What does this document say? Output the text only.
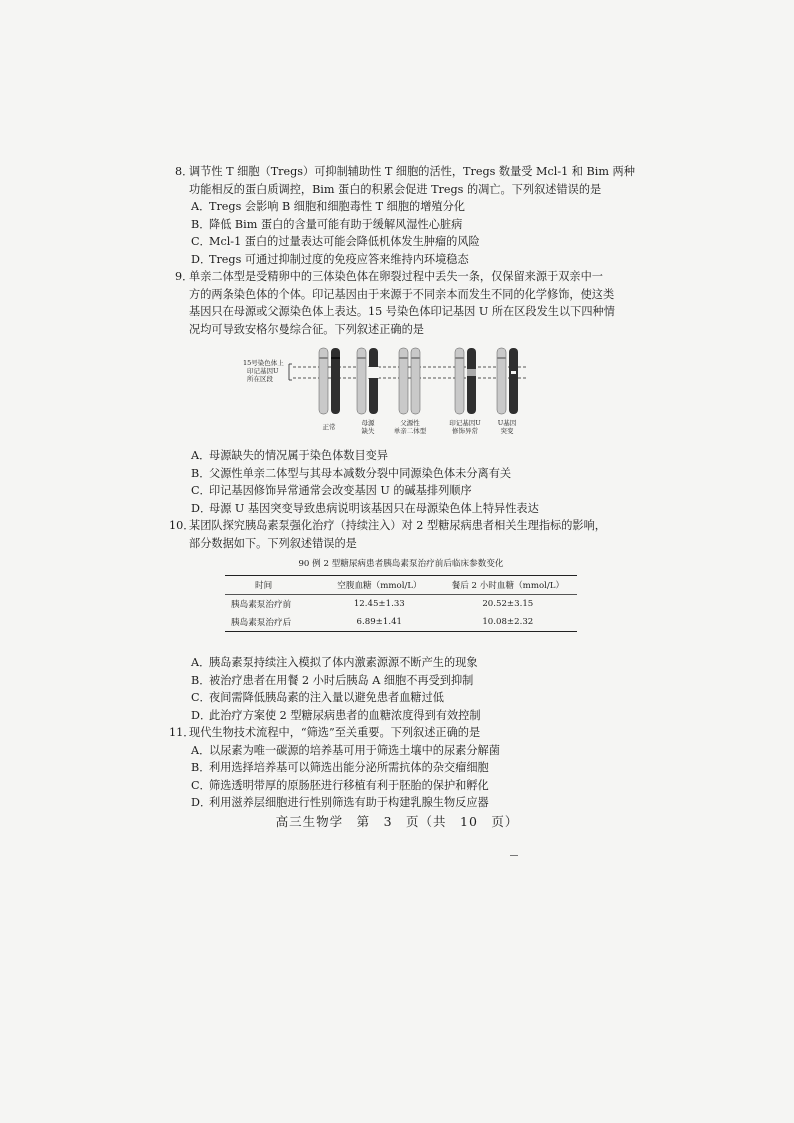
8．调节性 T 细胞（Tregs）可抑制辅助性 T 细胞的活性，Tregs 数量受 Mcl-1 和 Bim 两种

功能相反的蛋白质调控，Bim 蛋白的积累会促进 Tregs 的凋亡。下列叙述错误的是

A．Tregs 会影响 B 细胞和细胞毒性 T 细胞的增殖分化

B．降低 Bim 蛋白的含量可能有助于缓解风湿性心脏病

C．Mcl-1 蛋白的过量表达可能会降低机体发生肿瘤的风险

D．Tregs 可通过抑制过度的免疫应答来维持内环境稳态

9．单亲二体型是受精卵中的三体染色体在卵裂过程中丢失一条，仅保留来源于双亲中一

方的两条染色体的个体。印记基因由于来源于不同亲本而发生不同的化学修饰，使这类

基因只在母源或父源染色体上表达。15 号染色体印记基因 U 所在区段发生以下四种情

况均可导致安格尔曼综合征。下列叙述正确的是

15号染色体上
印记基因U
所在区段
正常	母源
缺失
父源性
单亲二体型
印记基因U
修饰异常
U基因
突变

A．母源缺失的情况属于染色体数目变异

B．父源性单亲二体型与其母本减数分裂中同源染色体未分离有关

C．印记基因修饰异常通常会改变基因 U 的碱基排列顺序

D．母源 U 基因突变导致患病说明该基因只在母源染色体上特异性表达

10．某团队探究胰岛素泵强化治疗（持续注入）对 2 型糖尿病患者相关生理指标的影响，

部分数据如下。下列叙述错误的是

90 例 2 型糖尿病患者胰岛素泵治疗前后临床参数变化
时间	空腹血糖（mmol/L）	餐后 2 小时血糖（mmol/L）
胰岛素泵治疗前	12.45±1.33	20.52±3.15
胰岛素泵治疗后	6.89±1.41	10.08±2.32

A．胰岛素泵持续注入模拟了体内激素源源不断产生的现象

B．被治疗患者在用餐 2 小时后胰岛 A 细胞不再受到抑制

C．夜间需降低胰岛素的注入量以避免患者血糖过低

D．此治疗方案使 2 型糖尿病患者的血糖浓度得到有效控制

11．现代生物技术流程中，“筛选”至关重要。下列叙述正确的是

A．以尿素为唯一碳源的培养基可用于筛选土壤中的尿素分解菌

B．利用选择培养基可以筛选出能分泌所需抗体的杂交瘤细胞

C．筛选透明带厚的原肠胚进行移植有利于胚胎的保护和孵化

D．利用滋养层细胞进行性别筛选有助于构建乳腺生物反应器

高三生物学　第　3　页（共　10　页）
